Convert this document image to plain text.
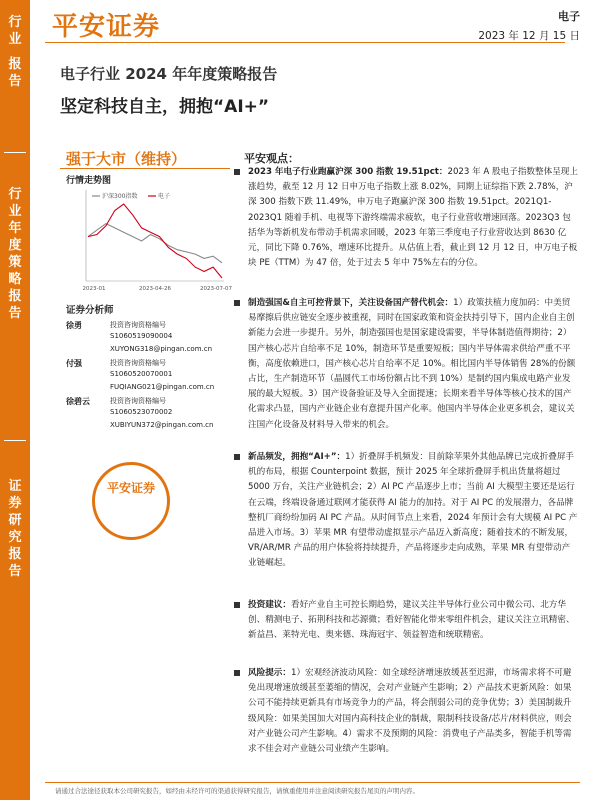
行
业
报
告
行
业
年
度
策
略
报
告
证
券
研
究
报
告
平安证券	电子
2023 年 12 月 15 日
电子行业 2024 年年度策略报告
坚定科技自主，拥抱“AI+”
强于大市（维持）
行情走势图
沪深300指数	电子
2023-01	2023-04-26	2023-07-07
证券分析师
徐勇	投资咨询资格编号
S1060519090004
XUYONG318@pingan.com.cn
付强	投资咨询资格编号
S1060520070001
FUQIANG021@pingan.com.cn
徐碧云	投资咨询资格编号
S1060523070002
XUBIYUN372@pingan.com.cn
平安证券
平安观点：
2023 年电子行业跑赢沪深 300 指数 19.51pct：2023 年 A 股电子指数整体呈现上涨趋势，截至 12 月 12 日申万电子指数上涨 8.02%，同期上证综指下跌 2.78%，沪深 300 指数下跌 11.49%，申万电子跑赢沪深 300 指数 19.51pct。2021Q1-2023Q1 随着手机、电视等下游终端需求疲软，电子行业营收增速回落。2023Q3 包括华为等新机发布带动手机需求回暖，2023 年第三季度电子行业营收达到 8630 亿元，同比下降 0.76%，增速环比提升。从估值上看，截止到 12 月 12 日，申万电子板块 PE（TTM）为 47 倍，处于过去 5 年中 75%左右的分位。
制造强国&自主可控背景下，关注设备国产替代机会：1）政策扶植力度加码：中美贸易摩擦后供应链安全逐步被重视，同时在国家政策和资金扶持引导下，国内企业自主创新能力会进一步提升。另外，制造强国也是国家建设需要，半导体制造值得期待；2）国产核心芯片自给率不足 10%，制造环节是重要短板；国内半导体需求供给严重不平衡，高度依赖进口，国产核心芯片自给率不足 10%。相比国内半导体销售 28%的份额占比，生产制造环节（晶圆代工市场份额占比不到 10%）是制约国内集成电路产业发展的最大短板。3）国产设备验证及导入全面提速；长期来看半导体等核心技术的国产化需求凸显，国内产业链企业有意提升国产化率。他国内半导体企业更多机会，建议关注国产化设备及材料导入带来的机会。
新品频发，拥抱“AI+”：1）折叠屏手机频发：目前除苹果外其他品牌已完成折叠屏手机的布局，根据 Counterpoint 数据，预计 2025 年全球折叠屏手机出货量将超过 5000 万台，关注产业链机会；2）AI PC 产品逐步上市；当前 AI 大模型主要还是运行在云端，终端设备通过联网才能获得 AI 能力的加持。对于 AI PC 的发展潜力，各品牌整机厂商纷纷加码 AI PC 产品。从时间节点上来看，2024 年预计会有大规模 AI PC 产品进入市场。3）苹果 MR 有望带动虚拟显示产品迈入新高度；随着技术的不断发展，VR/AR/MR 产品的用户体验将持续提升，产品将逐步走向成熟，苹果 MR 有望带动产业链崛起。
投资建议：看好产业自主可控长期趋势，建议关注半导体行业公司中微公司、北方华创、精测电子、拓荆科技和芯源微；看好智能化带来零组件机会，建议关注立讯精密、新益昌、莱特光电、奥来德、珠海冠宇、领益智造和统联精密。
风险提示：1）宏观经济波动风险：如全球经济增速放缓甚至迟滞，市场需求将不可避免出现增速放缓甚至萎缩的情况，会对产业链产生影响；2）产品技术更新风险：如果公司不能持续更新具有市场竞争力的产品，将会削弱公司的竞争优势；3）美国制裁升级风险：如果美国加大对国内高科技企业的制裁，限制科技设备/芯片/材料供应，则会对产业链公司产生影响。4）需求不及预期的风险：消费电子产品类多，智能手机等需求不佳会对产业链公司业绩产生影响。
请通过合法途径获取本公司研究报告，如经由未经许可的渠道获得研究报告，请慎重使用并注意阅读研究报告尾页的声明内容。
